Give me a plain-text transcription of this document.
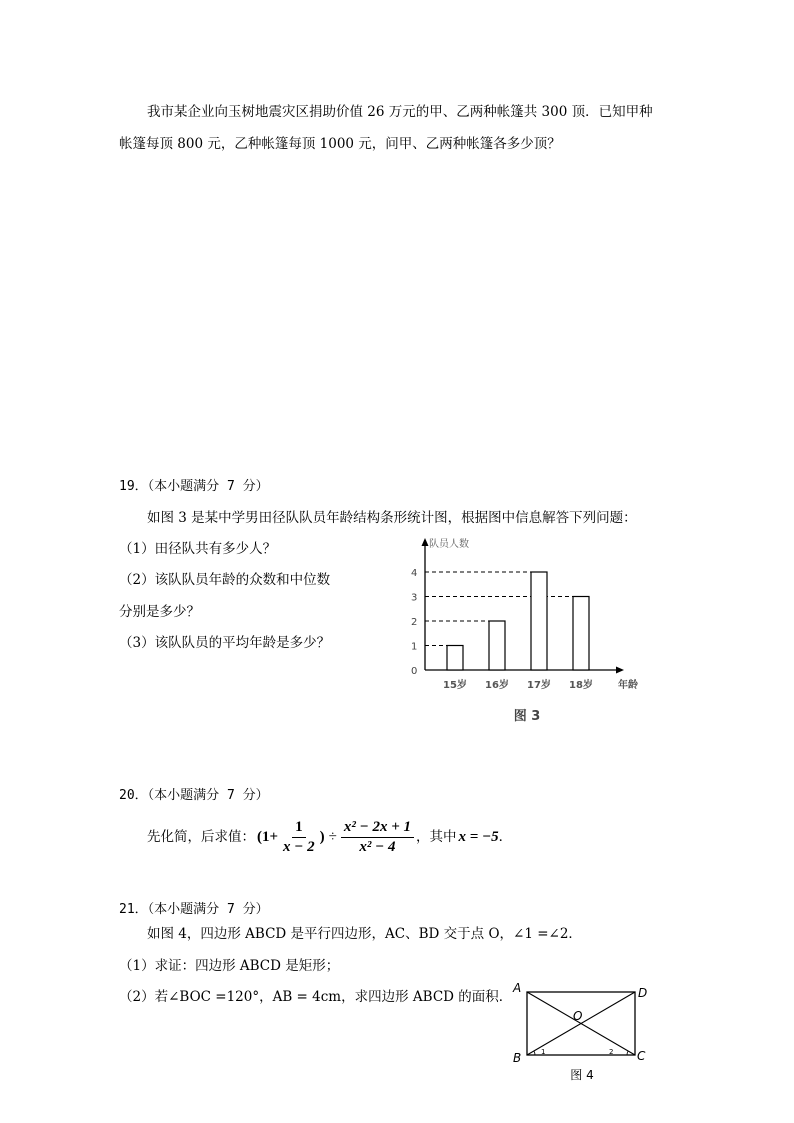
我市某企业向玉树地震灾区捐助价值 26 万元的甲、乙两种帐篷共 300 顶．已知甲种
帐篷每顶 800 元，乙种帐篷每顶 1000 元，问甲、乙两种帐篷各多少顶？
19．（本小题满分 7 分）
如图 3 是某中学男田径队队员年龄结构条形统计图，根据图中信息解答下列问题：
（1）田径队共有多少人？
（2）该队队员年龄的众数和中位数
分别是多少？
（3）该队队员的平均年龄是多少？
队员人数
年龄
0
1
2
3
4
15岁 16岁 17岁 18岁
图 3
20．（本小题满分 7 分）
先化简，后求值： ($1+ \frac{1}{x - 2}$ ) ÷ $\frac{\text{x² − 2x + 1}}{\text{x² − 4}}$ ，其中 x = −5 ．
21．（本小题满分 7 分）
如图 4，四边形 ABCD 是平行四边形，AC、BD 交于点 O，∠1 =∠2．
（1）求证：四边形 ABCD 是矩形；
（2）若∠BOC =120°，AB = 4cm，求四边形 ABCD 的面积．
A	D
B	C
O
1	2
图 4
